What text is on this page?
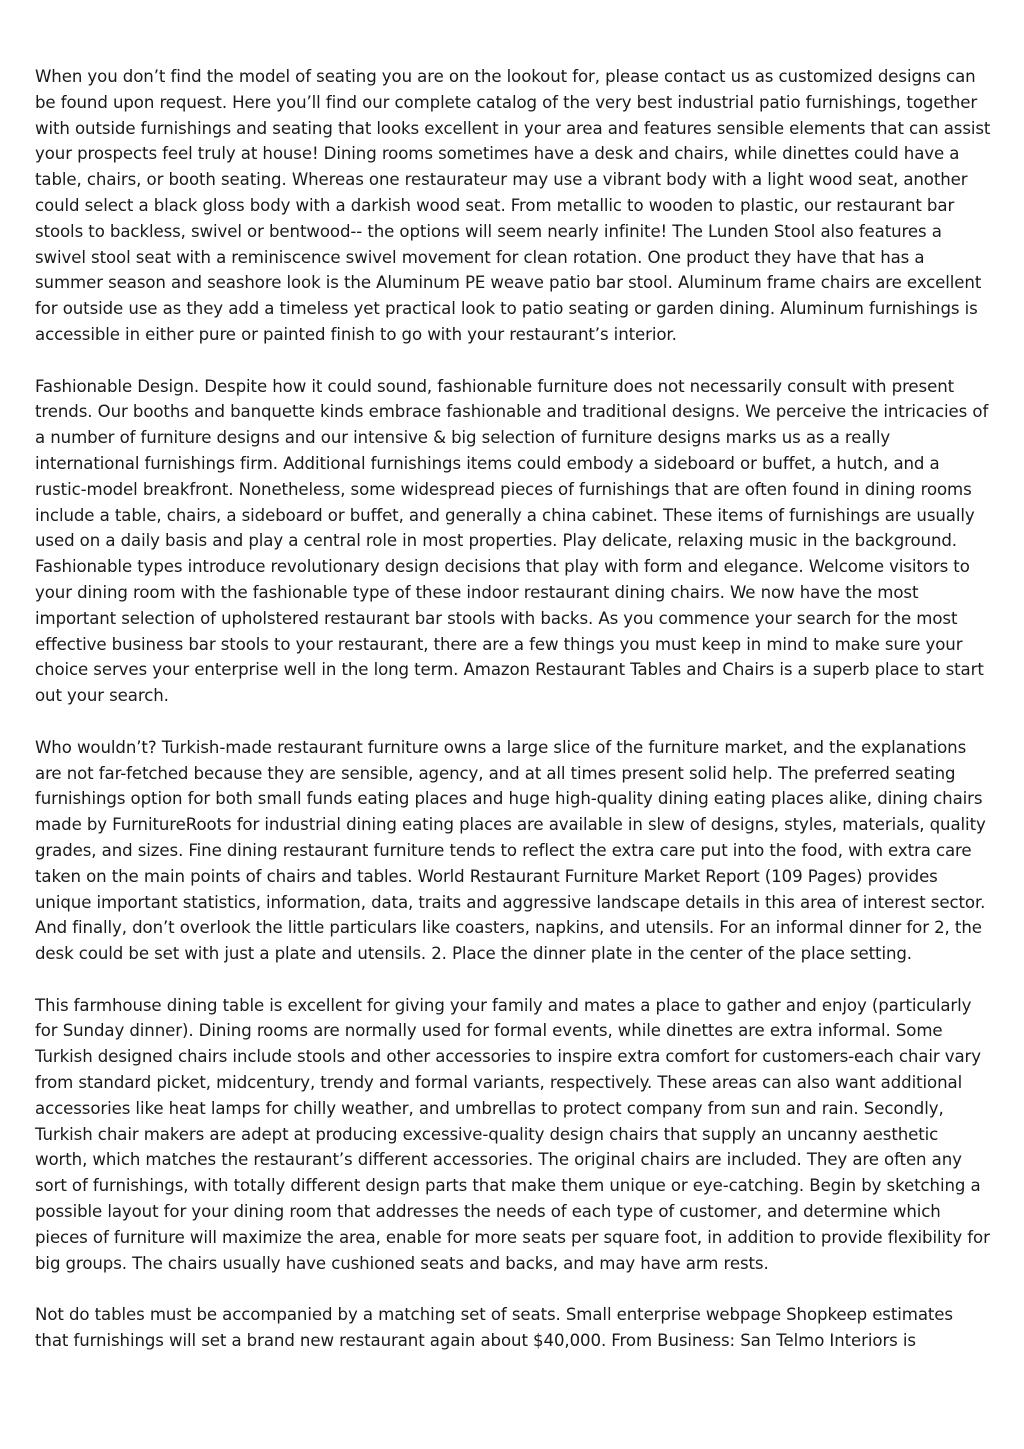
When you don’t find the model of seating you are on the lookout for, please contact us as customized designs can be found upon request. Here you’ll find our complete catalog of the very best industrial patio furnishings, together with outside furnishings and seating that looks excellent in your area and features sensible elements that can assist your prospects feel truly at house! Dining rooms sometimes have a desk and chairs, while dinettes could have a table, chairs, or booth seating. Whereas one restaurateur may use a vibrant body with a light wood seat, another could select a black gloss body with a darkish wood seat. From metallic to wooden to plastic, our restaurant bar stools to backless, swivel or bentwood-- the options will seem nearly infinite! The Lunden Stool also features a swivel stool seat with a reminiscence swivel movement for clean rotation. One product they have that has a summer season and seashore look is the Aluminum PE weave patio bar stool. Aluminum frame chairs are excellent for outside use as they add a timeless yet practical look to patio seating or garden dining. Aluminum furnishings is accessible in either pure or painted finish to go with your restaurant’s interior.

Fashionable Design. Despite how it could sound, fashionable furniture does not necessarily consult with present trends. Our booths and banquette kinds embrace fashionable and traditional designs. We perceive the intricacies of a number of furniture designs and our intensive & big selection of furniture designs marks us as a really international furnishings firm. Additional furnishings items could embody a sideboard or buffet, a hutch, and a rustic-model breakfront. Nonetheless, some widespread pieces of furnishings that are often found in dining rooms include a table, chairs, a sideboard or buffet, and generally a china cabinet. These items of furnishings are usually used on a daily basis and play a central role in most properties. Play delicate, relaxing music in the background. Fashionable types introduce revolutionary design decisions that play with form and elegance. Welcome visitors to your dining room with the fashionable type of these indoor restaurant dining chairs. We now have the most important selection of upholstered restaurant bar stools with backs. As you commence your search for the most effective business bar stools to your restaurant, there are a few things you must keep in mind to make sure your choice serves your enterprise well in the long term. Amazon Restaurant Tables and Chairs is a superb place to start out your search.

Who wouldn’t? Turkish-made restaurant furniture owns a large slice of the furniture market, and the explanations are not far-fetched because they are sensible, agency, and at all times present solid help. The preferred seating furnishings option for both small funds eating places and huge high-quality dining eating places alike, dining chairs made by FurnitureRoots for industrial dining eating places are available in slew of designs, styles, materials, quality grades, and sizes. Fine dining restaurant furniture tends to reflect the extra care put into the food, with extra care taken on the main points of chairs and tables. World Restaurant Furniture Market Report (109 Pages) provides unique important statistics, information, data, traits and aggressive landscape details in this area of interest sector. And finally, don’t overlook the little particulars like coasters, napkins, and utensils. For an informal dinner for 2, the desk could be set with just a plate and utensils. 2. Place the dinner plate in the center of the place setting.

This farmhouse dining table is excellent for giving your family and mates a place to gather and enjoy (particularly for Sunday dinner). Dining rooms are normally used for formal events, while dinettes are extra informal. Some Turkish designed chairs include stools and other accessories to inspire extra comfort for customers-each chair vary from standard picket, midcentury, trendy and formal variants, respectively. These areas can also want additional accessories like heat lamps for chilly weather, and umbrellas to protect company from sun and rain. Secondly, Turkish chair makers are adept at producing excessive-quality design chairs that supply an uncanny aesthetic worth, which matches the restaurant’s different accessories. The original chairs are included. They are often any sort of furnishings, with totally different design parts that make them unique or eye-catching. Begin by sketching a possible layout for your dining room that addresses the needs of each type of customer, and determine which pieces of furniture will maximize the area, enable for more seats per square foot, in addition to provide flexibility for big groups. The chairs usually have cushioned seats and backs, and may have arm rests.

Not do tables must be accompanied by a matching set of seats. Small enterprise webpage Shopkeep estimates that furnishings will set a brand new restaurant again about $40,000. From Business: San Telmo Interiors is
